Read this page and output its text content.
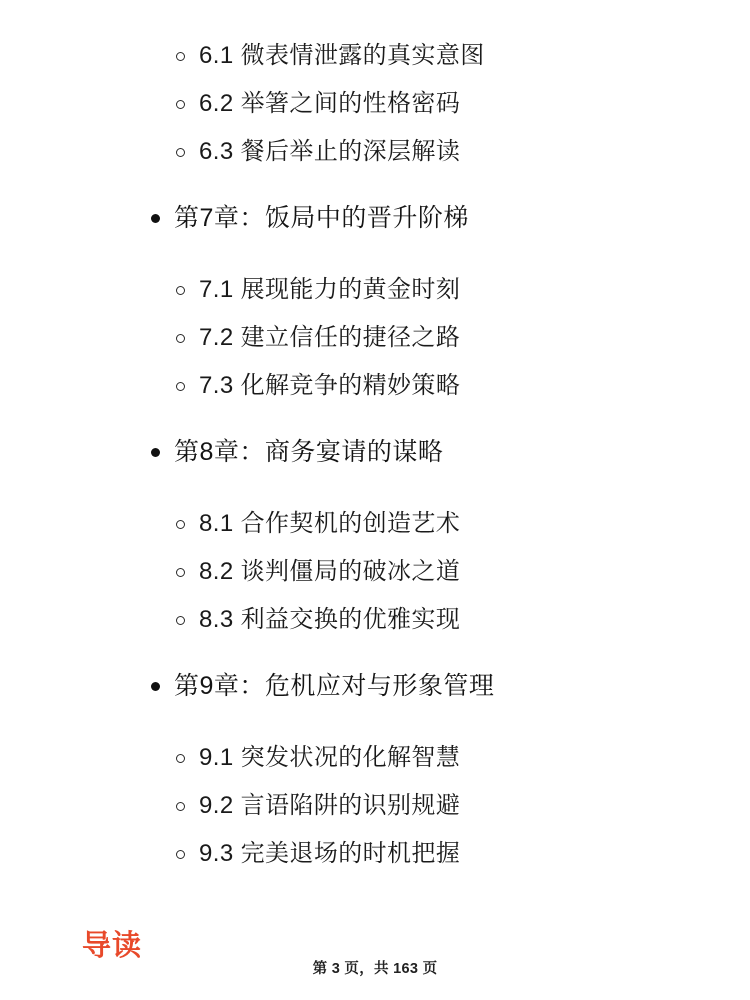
6.1 微表情泄露的真实意图
6.2 举箸之间的性格密码
6.3 餐后举止的深层解读
第7章：饭局中的晋升阶梯
7.1 展现能力的黄金时刻
7.2 建立信任的捷径之路
7.3 化解竞争的精妙策略
第8章：商务宴请的谋略
8.1 合作契机的创造艺术
8.2 谈判僵局的破冰之道
8.3 利益交换的优雅实现
第9章：危机应对与形象管理
9.1 突发状况的化解智慧
9.2 言语陷阱的识别规避
9.3 完美退场的时机把握
导读
第 3 页，共 163 页
